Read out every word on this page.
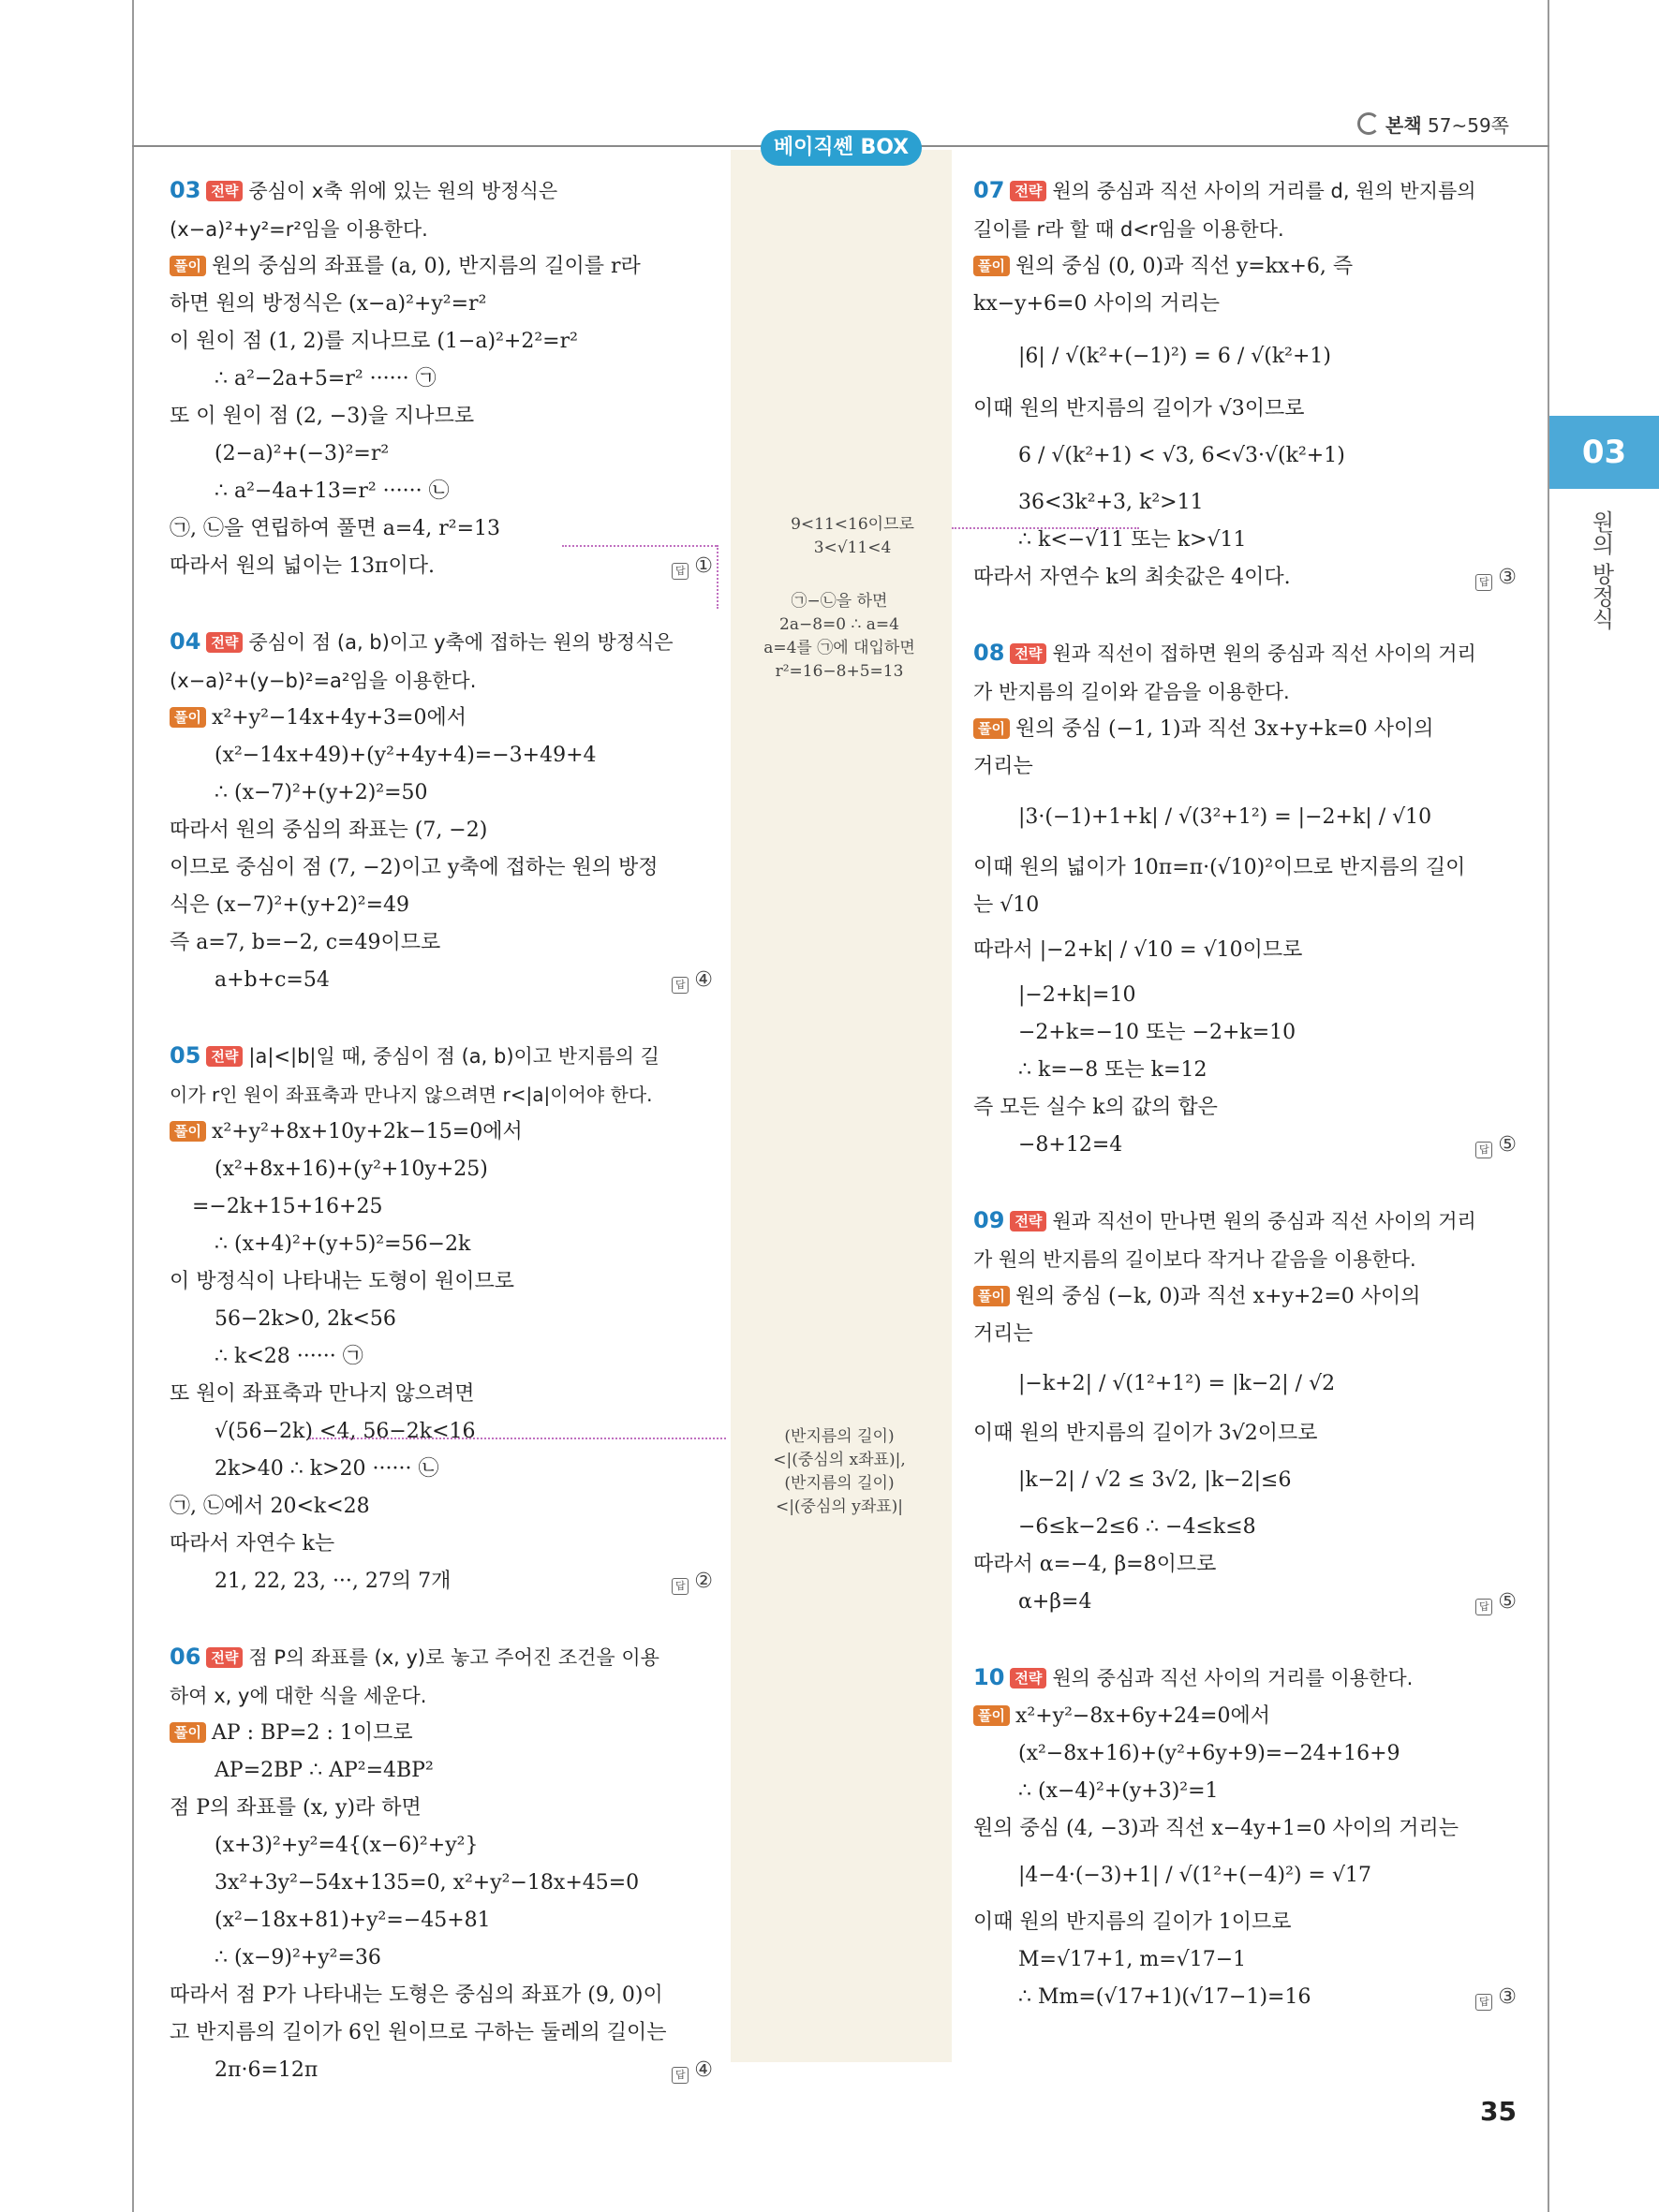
본책 57~59쪽
베이직쎈 BOX
03
원의 방정식
03 전략 중심이 x축 위에 있는 원의 방정식은
(x−a)²+y²=r²임을 이용한다.
풀이 원의 중심의 좌표를 (a, 0), 반지름의 길이를 r라
하면 원의 방정식은 (x−a)²+y²=r²
이 원이 점 (1, 2)를 지나므로 (1−a)²+2²=r²
∴ a²−2a+5=r² ······ ㉠
또 이 원이 점 (2, −3)을 지나므로
(2−a)²+(−3)²=r²
∴ a²−4a+13=r² ······ ㉡
㉠, ㉡을 연립하여 풀면 a=4, r²=13
따라서 원의 넓이는 13π이다.	답 ①
04 전략 중심이 점 (a, b)이고 y축에 접하는 원의 방정식은
(x−a)²+(y−b)²=a²임을 이용한다.
풀이 x²+y²−14x+4y+3=0에서
(x²−14x+49)+(y²+4y+4)=−3+49+4
∴ (x−7)²+(y+2)²=50
따라서 원의 중심의 좌표는 (7, −2)
이므로 중심이 점 (7, −2)이고 y축에 접하는 원의 방정
식은 (x−7)²+(y+2)²=49
즉 a=7, b=−2, c=49이므로
a+b+c=54	답 ④
05 전략 |a|<|b|일 때, 중심이 점 (a, b)이고 반지름의 길
이가 r인 원이 좌표축과 만나지 않으려면 r<|a|이어야 한다.
풀이 x²+y²+8x+10y+2k−15=0에서
(x²+8x+16)+(y²+10y+25)
=−2k+15+16+25
∴ (x+4)²+(y+5)²=56−2k
이 방정식이 나타내는 도형이 원이므로
56−2k>0, 2k<56
∴ k<28 ······ ㉠
또 원이 좌표축과 만나지 않으려면
√(56−2k) <4, 56−2k<16
2k>40 ∴ k>20 ······ ㉡
㉠, ㉡에서 20<k<28
따라서 자연수 k는
21, 22, 23, ···, 27의 7개	답 ②
06 전략 점 P의 좌표를 (x, y)로 놓고 주어진 조건을 이용
하여 x, y에 대한 식을 세운다.
풀이 AP : BP=2 : 1이므로
AP=2BP ∴ AP²=4BP²
점 P의 좌표를 (x, y)라 하면
(x+3)²+y²=4{(x−6)²+y²}
3x²+3y²−54x+135=0, x²+y²−18x+45=0
(x²−18x+81)+y²=−45+81
∴ (x−9)²+y²=36
따라서 점 P가 나타내는 도형은 중심의 좌표가 (9, 0)이
고 반지름의 길이가 6인 원이므로 구하는 둘레의 길이는
2π·6=12π	답 ④
㉠−㉡을 하면
2a−8=0 ∴ a=4
a=4를 ㉠에 대입하면
r²=16−8+5=13
9<11<16이므로
3<√11<4
(반지름의 길이)
<|(중심의 x좌표)|,
(반지름의 길이)
<|(중심의 y좌표)|
07 전략 원의 중심과 직선 사이의 거리를 d, 원의 반지름의
길이를 r라 할 때 d<r임을 이용한다.
풀이 원의 중심 (0, 0)과 직선 y=kx+6, 즉
kx−y+6=0 사이의 거리는
|6| / √(k²+(−1)²) = 6 / √(k²+1)
이때 원의 반지름의 길이가 √3이므로
6 / √(k²+1) < √3, 6<√3·√(k²+1)
36<3k²+3, k²>11
∴ k<−√11 또는 k>√11
따라서 자연수 k의 최솟값은 4이다.	답 ③
08 전략 원과 직선이 접하면 원의 중심과 직선 사이의 거리
가 반지름의 길이와 같음을 이용한다.
풀이 원의 중심 (−1, 1)과 직선 3x+y+k=0 사이의
거리는
|3·(−1)+1+k| / √(3²+1²) = |−2+k| / √10
이때 원의 넓이가 10π=π·(√10)²이므로 반지름의 길이
는 √10
따라서 |−2+k| / √10 = √10이므로
|−2+k|=10
−2+k=−10 또는 −2+k=10
∴ k=−8 또는 k=12
즉 모든 실수 k의 값의 합은
−8+12=4	답 ⑤
09 전략 원과 직선이 만나면 원의 중심과 직선 사이의 거리
가 원의 반지름의 길이보다 작거나 같음을 이용한다.
풀이 원의 중심 (−k, 0)과 직선 x+y+2=0 사이의
거리는
|−k+2| / √(1²+1²) = |k−2| / √2
이때 원의 반지름의 길이가 3√2이므로
|k−2| / √2 ≤ 3√2, |k−2|≤6
−6≤k−2≤6 ∴ −4≤k≤8
따라서 α=−4, β=8이므로
α+β=4	답 ⑤
10 전략 원의 중심과 직선 사이의 거리를 이용한다.
풀이 x²+y²−8x+6y+24=0에서
(x²−8x+16)+(y²+6y+9)=−24+16+9
∴ (x−4)²+(y+3)²=1
원의 중심 (4, −3)과 직선 x−4y+1=0 사이의 거리는
|4−4·(−3)+1| / √(1²+(−4)²) = √17
이때 원의 반지름의 길이가 1이므로
M=√17+1, m=√17−1
∴ Mm=(√17+1)(√17−1)=16	답 ③
35
